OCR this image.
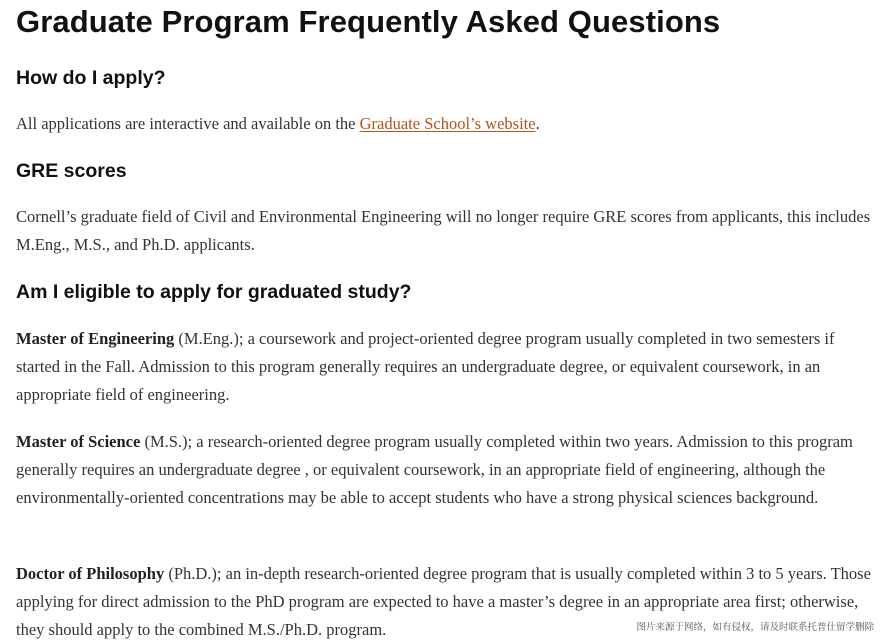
Graduate Program Frequently Asked Questions
How do I apply?

All applications are interactive and available on the Graduate School’s website.

GRE scores

Cornell’s graduate field of Civil and Environmental Engineering will no longer require GRE scores from applicants, this includes M.Eng., M.S., and Ph.D. applicants.

Am I eligible to apply for graduated study?

Master of Engineering (M.Eng.); a coursework and project-oriented degree program usually completed in two semesters if started in the Fall. Admission to this program generally requires an undergraduate degree, or equivalent coursework, in an appropriate field of engineering.

Master of Science (M.S.); a research-oriented degree program usually completed within two years. Admission to this program generally requires an undergraduate degree , or equivalent coursework, in an appropriate field of engineering, although the environmentally-oriented concentrations may be able to accept students who have a strong physical sciences background.

Doctor of Philosophy (Ph.D.); an in-depth research-oriented degree program that is usually completed within 3 to 5 years. Those applying for direct admission to the PhD program are expected to have a master’s degree in an appropriate area first; otherwise, they should apply to the combined M.S./Ph.D. program.	图片来源于网络，如有侵权，请及时联系托普仕留学删除
